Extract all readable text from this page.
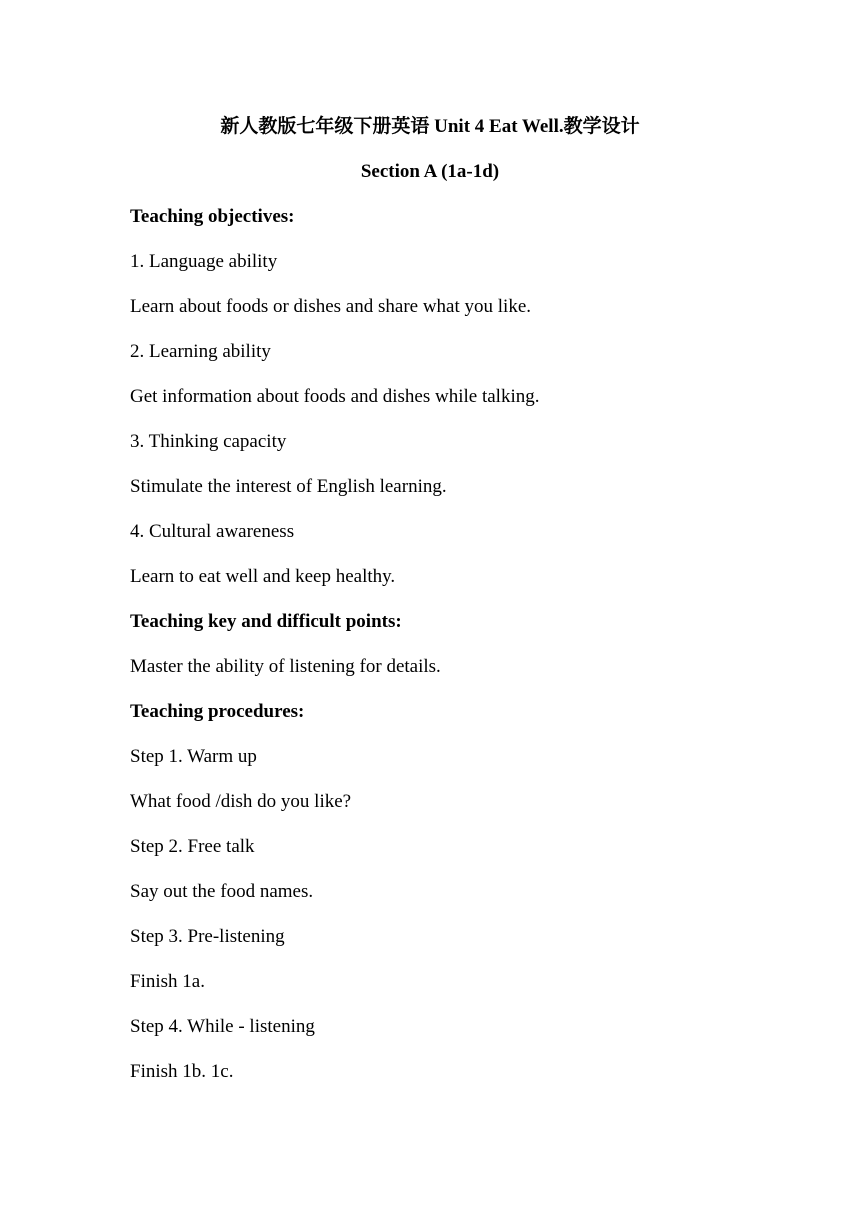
新人教版七年级下册英语 Unit 4 Eat Well.教学设计
Section A (1a-1d)
Teaching objectives:
1. Language ability
Learn about foods or dishes and share what you like.
2. Learning ability
Get information about foods and dishes while talking.
3. Thinking capacity
Stimulate the interest of English learning.
4. Cultural awareness
Learn to eat well and keep healthy.
Teaching key and difficult points:
Master the ability of listening for details.
Teaching procedures:
Step 1. Warm up
What food /dish do you like?
Step 2. Free talk
Say out the food names.
Step 3. Pre-listening
Finish 1a.
Step 4. While - listening
Finish 1b. 1c.
